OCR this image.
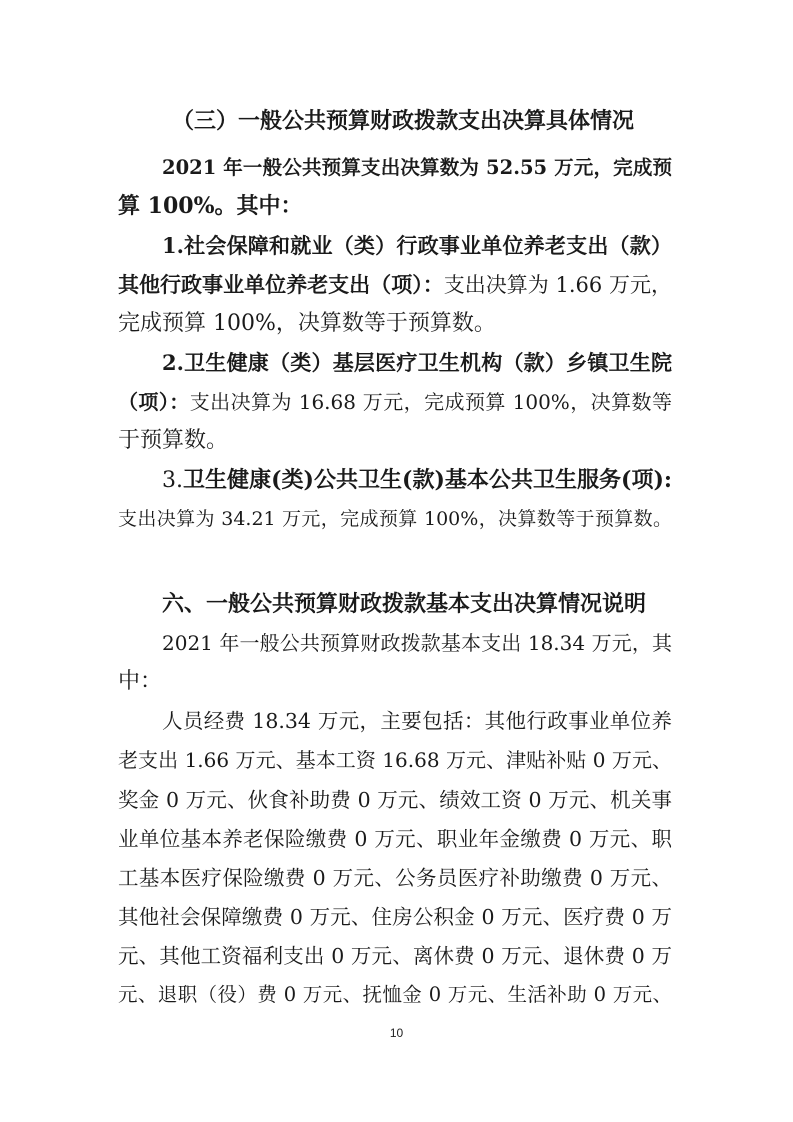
（三）一般公共预算财政拨款支出决算具体情况
2021 年一般公共预算支出决算数为 52.55 万元，完成预
算 100%。其中：
1.社会保障和就业（类）行政事业单位养老支出（款）
其他行政事业单位养老支出（项）：支出决算为 1.66 万元，
完成预算 100%，决算数等于预算数。
2.卫生健康（类）基层医疗卫生机构（款）乡镇卫生院
（项）：支出决算为 16.68 万元，完成预算 100%，决算数等
于预算数。
3.卫生健康(类)公共卫生(款)基本公共卫生服务(项):
支出决算为 34.21 万元，完成预算 100%，决算数等于预算数。
六、一般公共预算财政拨款基本支出决算情况说明
2021 年一般公共预算财政拨款基本支出 18.34 万元，其
中：
人员经费 18.34 万元，主要包括：其他行政事业单位养
老支出 1.66 万元、基本工资 16.68 万元、津贴补贴 0 万元、
奖金 0 万元、伙食补助费 0 万元、绩效工资 0 万元、机关事
业单位基本养老保险缴费 0 万元、职业年金缴费 0 万元、职
工基本医疗保险缴费 0 万元、公务员医疗补助缴费 0 万元、
其他社会保障缴费 0 万元、住房公积金 0 万元、医疗费 0 万
元、其他工资福利支出 0 万元、离休费 0 万元、退休费 0 万
元、退职（役）费 0 万元、抚恤金 0 万元、生活补助 0 万元、
10
